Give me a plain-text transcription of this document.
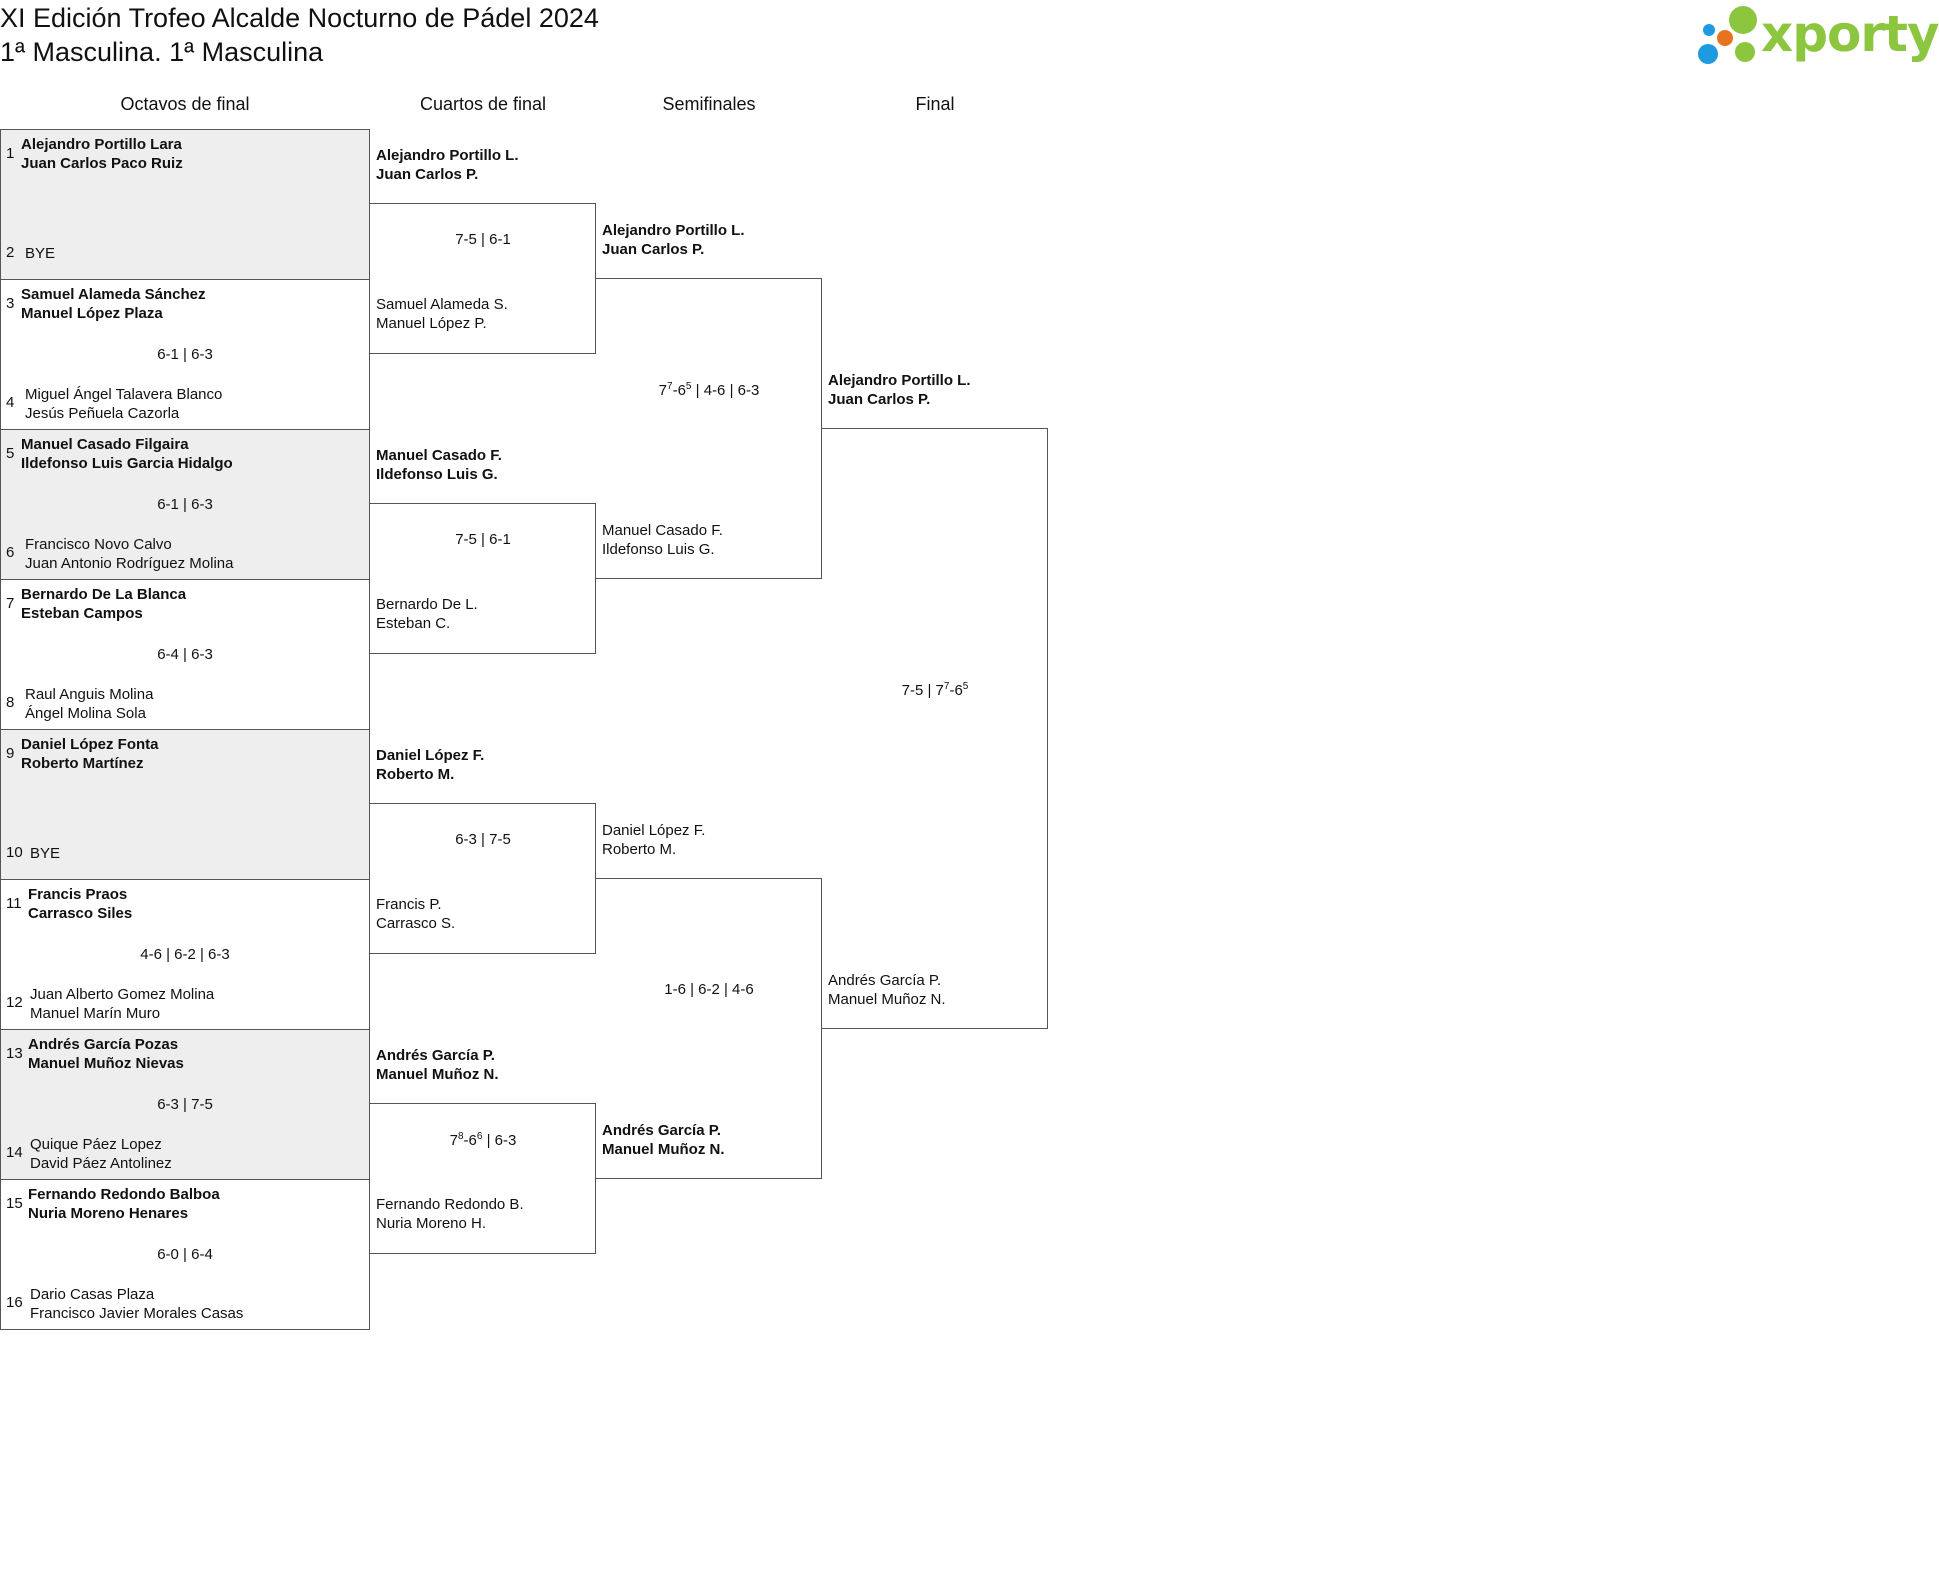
XI Edición Trofeo Alcalde Nocturno de Pádel 2024
1ª Masculina. 1ª Masculina	xporty
Octavos de final	Cuartos de final	Semifinales	Final
1
Alejandro Portillo Lara
Juan Carlos Paco Ruiz
2 BYE
3
Samuel Alameda Sánchez
Manuel López Plaza
4 Miguel Ángel Talavera Blanco
Jesús Peñuela Cazorla
6-1 | 6-3
5
Manuel Casado Filgaira
Ildefonso Luis Garcia Hidalgo
6 Francisco Novo Calvo
Juan Antonio Rodríguez Molina
6-1 | 6-3
7
Bernardo De La Blanca
Esteban Campos
8 Raul Anguis Molina
Ángel Molina Sola
6-4 | 6-3
9
Daniel López Fonta
Roberto Martínez
10 BYE
11
Francis Praos
Carrasco Siles
12 Juan Alberto Gomez Molina
Manuel Marín Muro
4-6 | 6-2 | 6-3
13
Andrés García Pozas
Manuel Muñoz Nievas
14 Quique Páez Lopez
David Páez Antolinez
6-3 | 7-5
15
Fernando Redondo Balboa
Nuria Moreno Henares
16 Dario Casas Plaza
Francisco Javier Morales Casas
6-0 | 6-4
Alejandro Portillo L.
Juan Carlos P.
Samuel Alameda S.
Manuel López P.
7-5 | 6-1
Manuel Casado F.
Ildefonso Luis G.
Bernardo De L.
Esteban C.
7-5 | 6-1
Daniel López F.
Roberto M.
Francis P.
Carrasco S.
6-3 | 7-5
Andrés García P.
Manuel Muñoz N.
Fernando Redondo B.
Nuria Moreno H.
$7^8-6^6$ | 6-3
Alejandro Portillo L.
Juan Carlos P.
Manuel Casado F.
Ildefonso Luis G.
$7^7-6^5$ | 4-6 | 6-3
Daniel López F.
Roberto M.
Andrés García P.
Manuel Muñoz N.
1-6 | 6-2 | 4-6
Alejandro Portillo L.
Juan Carlos P.
Andrés García P.
Manuel Muñoz N.
7-5 | $7^7-6^5$
